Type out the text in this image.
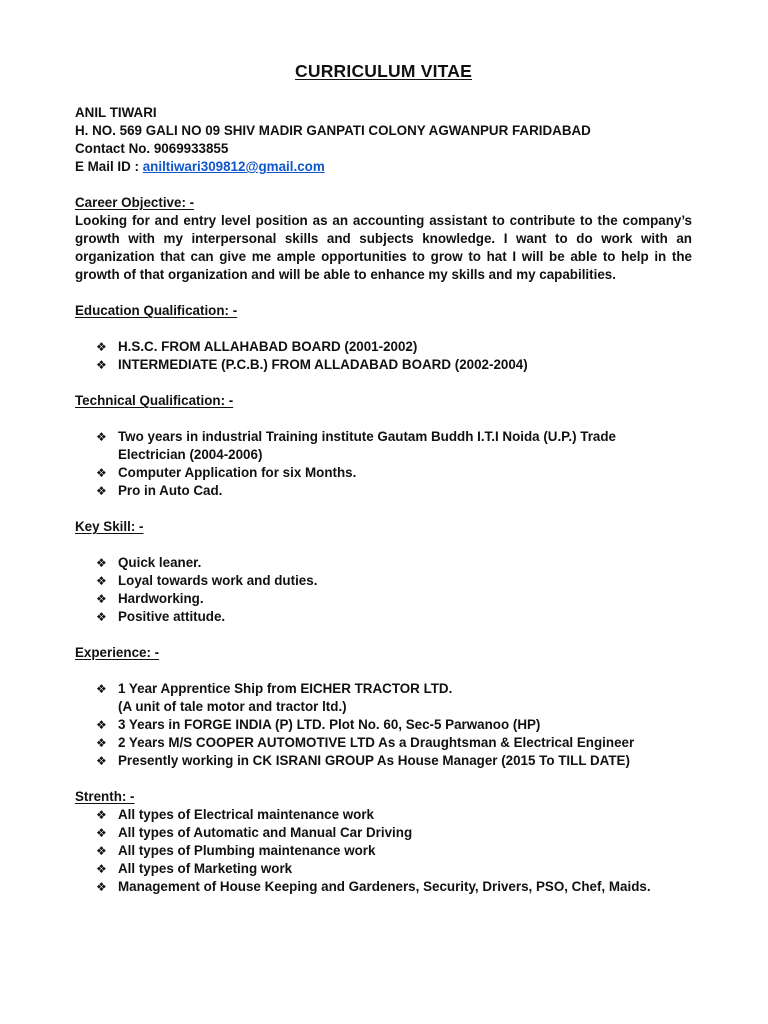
CURRICULUM VITAE
ANIL TIWARI
H. NO. 569 GALI NO 09 SHIV MADIR GANPATI COLONY AGWANPUR FARIDABAD
Contact No. 9069933855
E Mail ID : aniltiwari309812@gmail.com
Career Objective: -
Looking for and entry level position as an accounting assistant to contribute to the company’s growth with my interpersonal skills and subjects knowledge. I want to do work with an organization that can give me ample opportunities to grow to hat I will be able to help in the growth of that organization and will be able to enhance my skills and my capabilities.
Education Qualification: -
❖ H.S.C. FROM ALLAHABAD BOARD (2001-2002)
❖ INTERMEDIATE (P.C.B.) FROM ALLADABAD BOARD (2002-2004)
Technical Qualification: -
❖ Two years in industrial Training institute Gautam Buddh I.T.I Noida (U.P.) Trade
Electrician (2004-2006)
❖ Computer Application for six Months.
❖ Pro in Auto Cad.
Key Skill: -
❖ Quick leaner.
❖ Loyal towards work and duties.
❖ Hardworking.
❖ Positive attitude.
Experience: -
❖ 1 Year Apprentice Ship from EICHER TRACTOR LTD.
(A unit of tale motor and tractor ltd.)
❖ 3 Years in FORGE INDIA (P) LTD. Plot No. 60, Sec-5 Parwanoo (HP)
❖ 2 Years M/S COOPER AUTOMOTIVE LTD As a Draughtsman & Electrical Engineer
❖ Presently working in CK ISRANI GROUP As House Manager (2015 To TILL DATE)
Strenth: -
❖ All types of Electrical maintenance work
❖ All types of Automatic and Manual Car Driving
❖ All types of Plumbing maintenance work
❖ All types of Marketing work
❖ Management of House Keeping and Gardeners, Security, Drivers, PSO, Chef, Maids.
